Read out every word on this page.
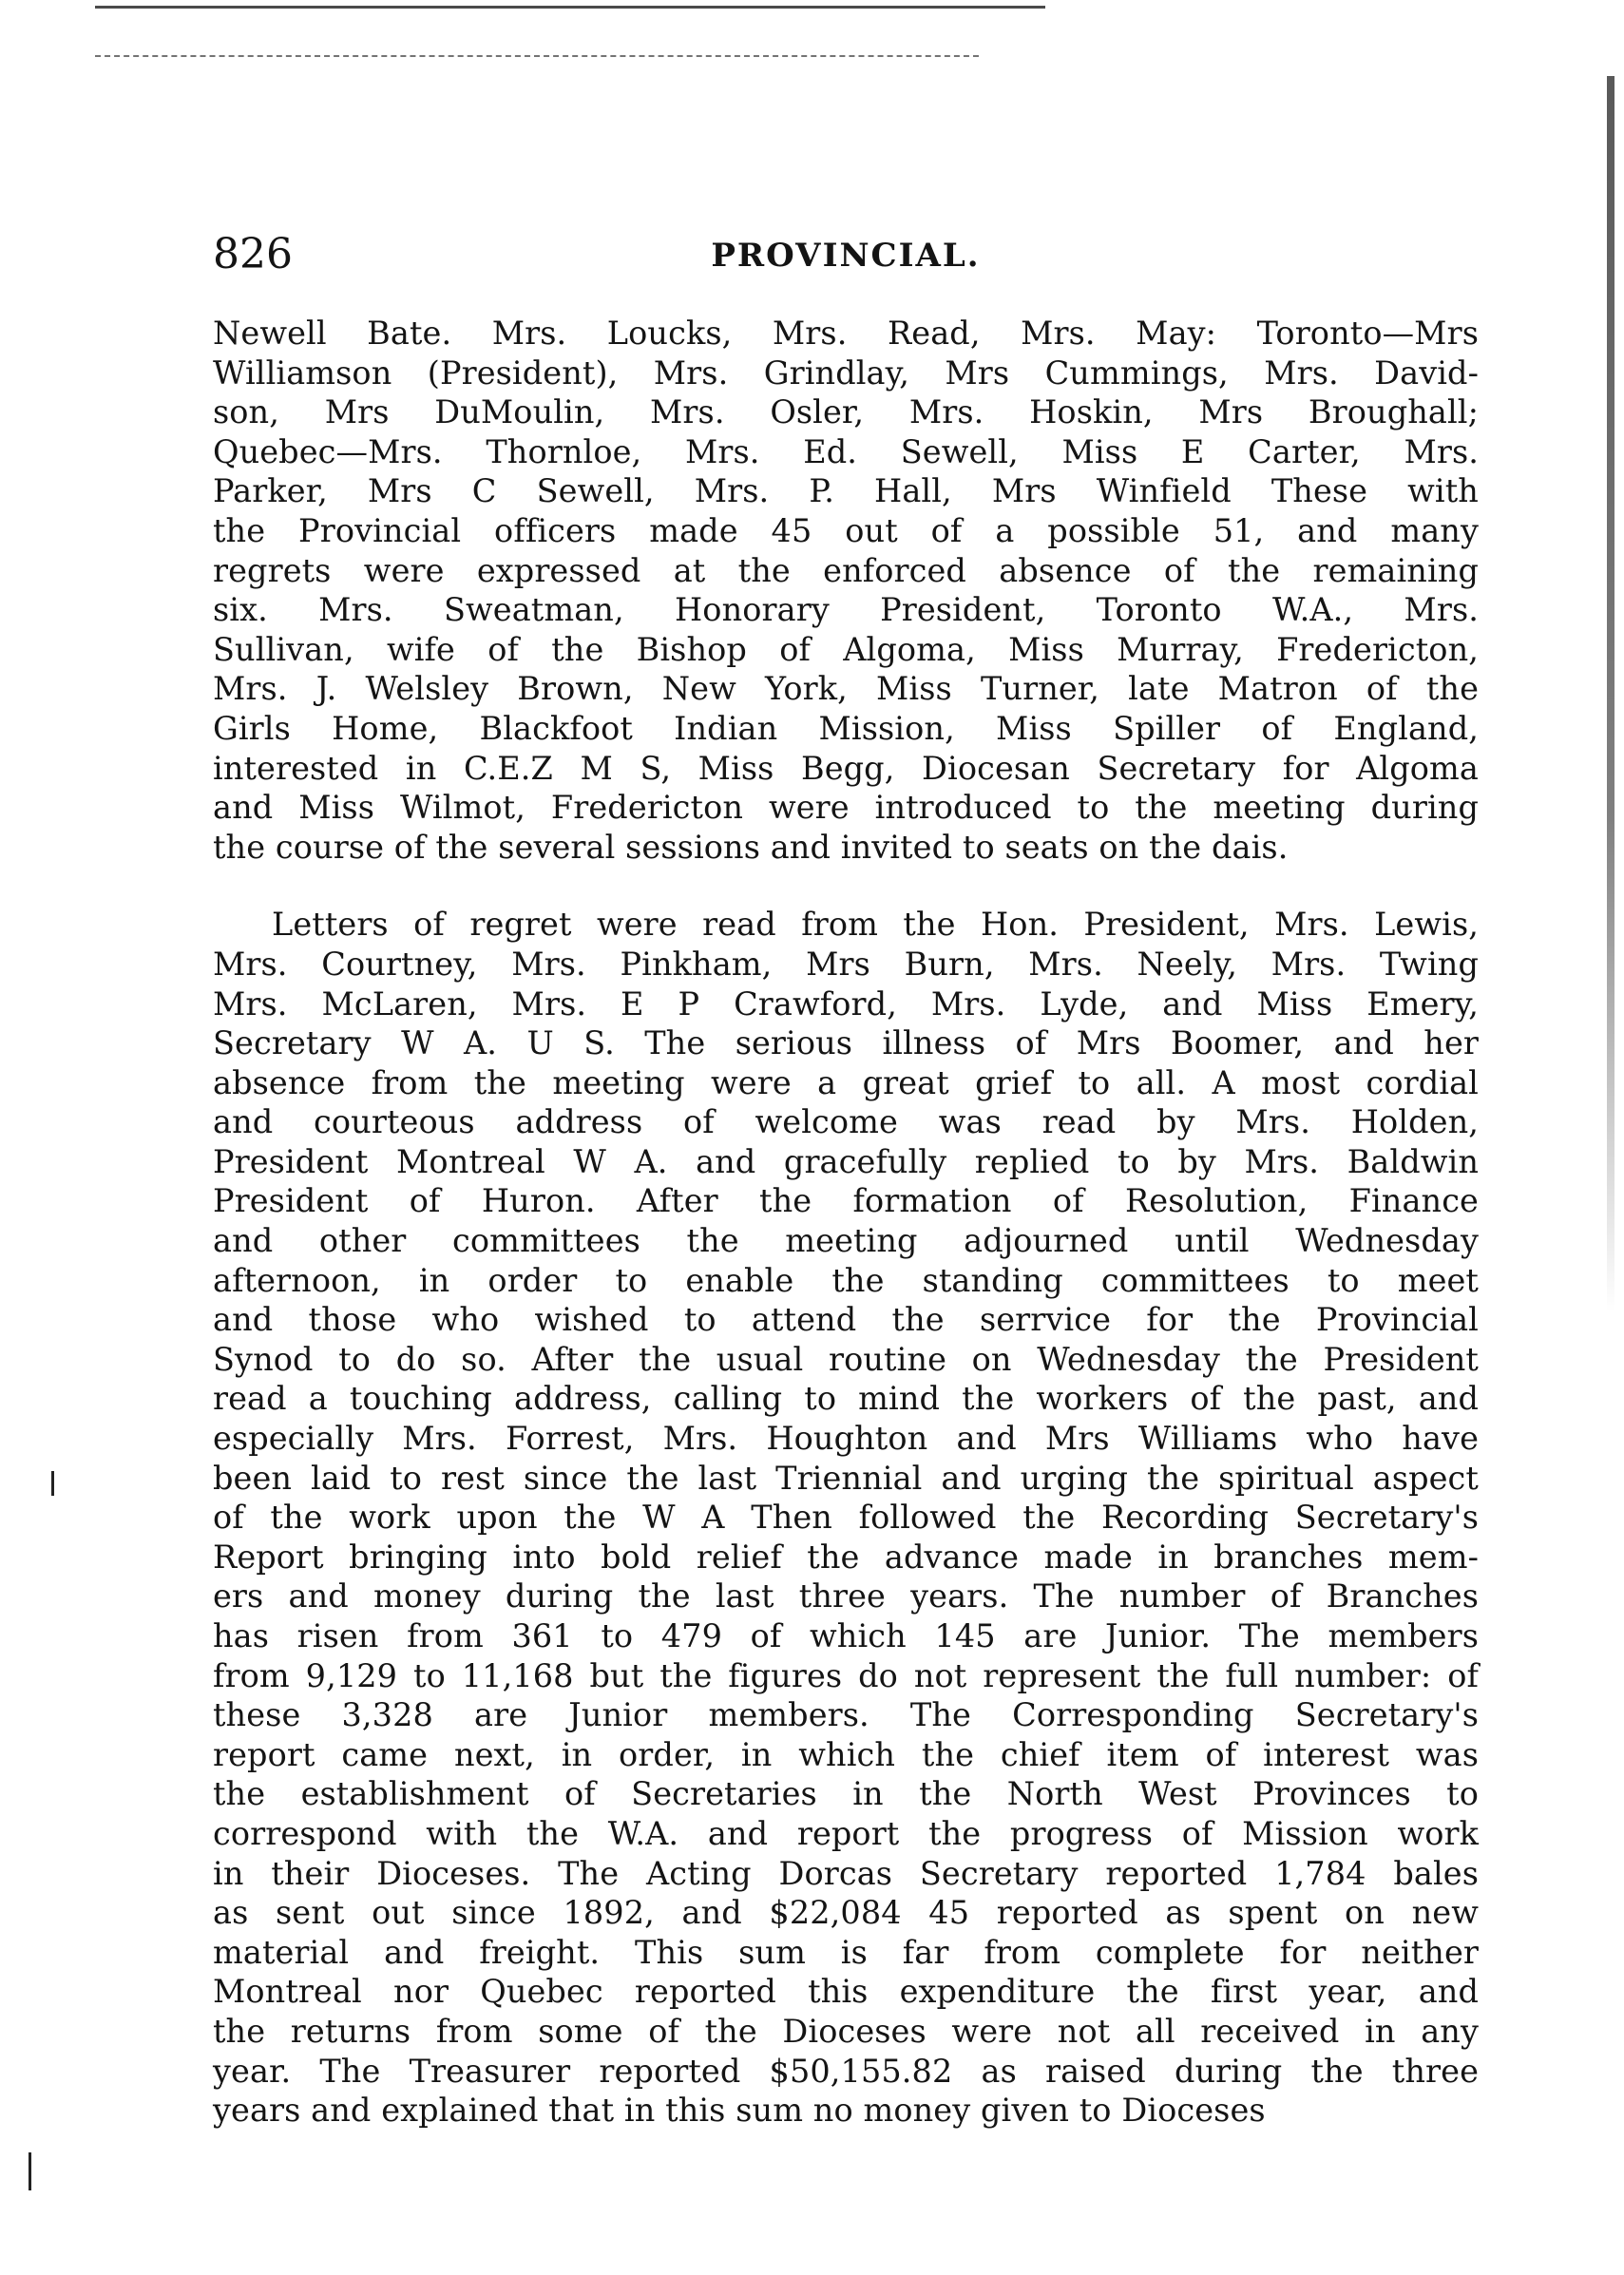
826	PROVINCIAL.

Newell Bate. Mrs. Loucks, Mrs. Read, Mrs. May: Toronto—Mrs
Williamson (President), Mrs. Grindlay, Mrs Cummings, Mrs. David-
son, Mrs DuMoulin, Mrs. Osler, Mrs. Hoskin, Mrs Broughall;
Quebec—Mrs. Thornloe, Mrs. Ed. Sewell, Miss E Carter, Mrs.
Parker, Mrs C Sewell, Mrs. P. Hall, Mrs Winfield These with
the Provincial officers made 45 out of a possible 51, and many
regrets were expressed at the enforced absence of the remaining
six. Mrs. Sweatman, Honorary President, Toronto W.A., Mrs.
Sullivan, wife of the Bishop of Algoma, Miss Murray, Fredericton,
Mrs. J. Welsley Brown, New York, Miss Turner, late Matron of the
Girls Home, Blackfoot Indian Mission, Miss Spiller of England,
interested in C.E.Z M S, Miss Begg, Diocesan Secretary for Algoma
and Miss Wilmot, Fredericton were introduced to the meeting during
the course of the several sessions and invited to seats on the dais.

Letters of regret were read from the Hon. President, Mrs. Lewis,
Mrs. Courtney, Mrs. Pinkham, Mrs Burn, Mrs. Neely, Mrs. Twing
Mrs. McLaren, Mrs. E P Crawford, Mrs. Lyde, and Miss Emery,
Secretary W A. U S. The serious illness of Mrs Boomer, and her
absence from the meeting were a great grief to all. A most cordial
and courteous address of welcome was read by Mrs. Holden,
President Montreal W A. and gracefully replied to by Mrs. Baldwin
President of Huron. After the formation of Resolution, Finance
and other committees the meeting adjourned until Wednesday
afternoon, in order to enable the standing committees to meet
and those who wished to attend the serrvice for the Provincial
Synod to do so. After the usual routine on Wednesday the President
read a touching address, calling to mind the workers of the past, and
especially Mrs. Forrest, Mrs. Houghton and Mrs Williams who have
been laid to rest since the last Triennial and urging the spiritual aspect
of the work upon the W A Then followed the Recording Secretary's
Report bringing into bold relief the advance made in branches mem-
ers and money during the last three years. The number of Branches
has risen from 361 to 479 of which 145 are Junior. The members
from 9,129 to 11,168 but the figures do not represent the full number: of
these 3,328 are Junior members. The Corresponding Secretary's
report came next, in order, in which the chief item of interest was
the establishment of Secretaries in the North West Provinces to
correspond with the W.A. and report the progress of Mission work
in their Dioceses. The Acting Dorcas Secretary reported 1,784 bales
as sent out since 1892, and $22,084 45 reported as spent on new
material and freight. This sum is far from complete for neither
Montreal nor Quebec reported this expenditure the first year, and
the returns from some of the Dioceses were not all received in any
year. The Treasurer reported $50,155.82 as raised during the three
years and explained that in this sum no money given to Dioceses
